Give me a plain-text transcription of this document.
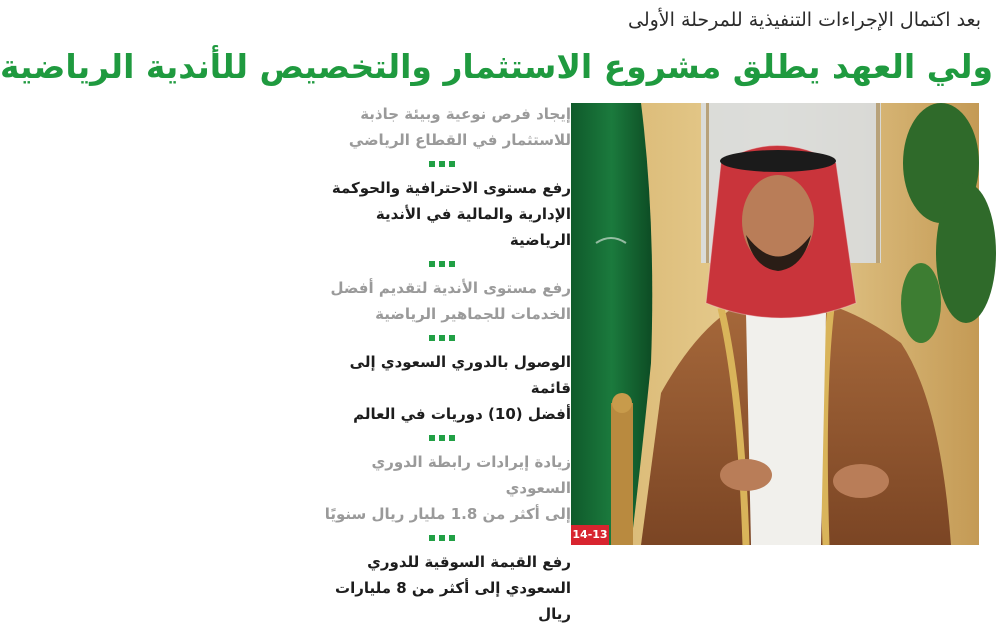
بعد اكتمال الإجراءات التنفيذية للمرحلة الأولى
ولي العهد يطلق مشروع الاستثمار والتخصيص للأندية الرياضية
14-13
إيجاد فرص نوعية وبيئة جاذبة
للاستثمار في القطاع الرياضي
رفع مستوى الاحترافية والحوكمة
الإدارية والمالية في الأندية الرياضية
رفع مستوى الأندية لتقديم أفضل
الخدمات للجماهير الرياضية
الوصول بالدوري السعودي إلى قائمة
أفضل (10) دوريات في العالم
زيادة إيرادات رابطة الدوري السعودي
إلى أكثر من 1.8 مليار ريال سنويًا
رفع القيمة السوقية للدوري
السعودي إلى أكثر من 8 مليارات ريال
